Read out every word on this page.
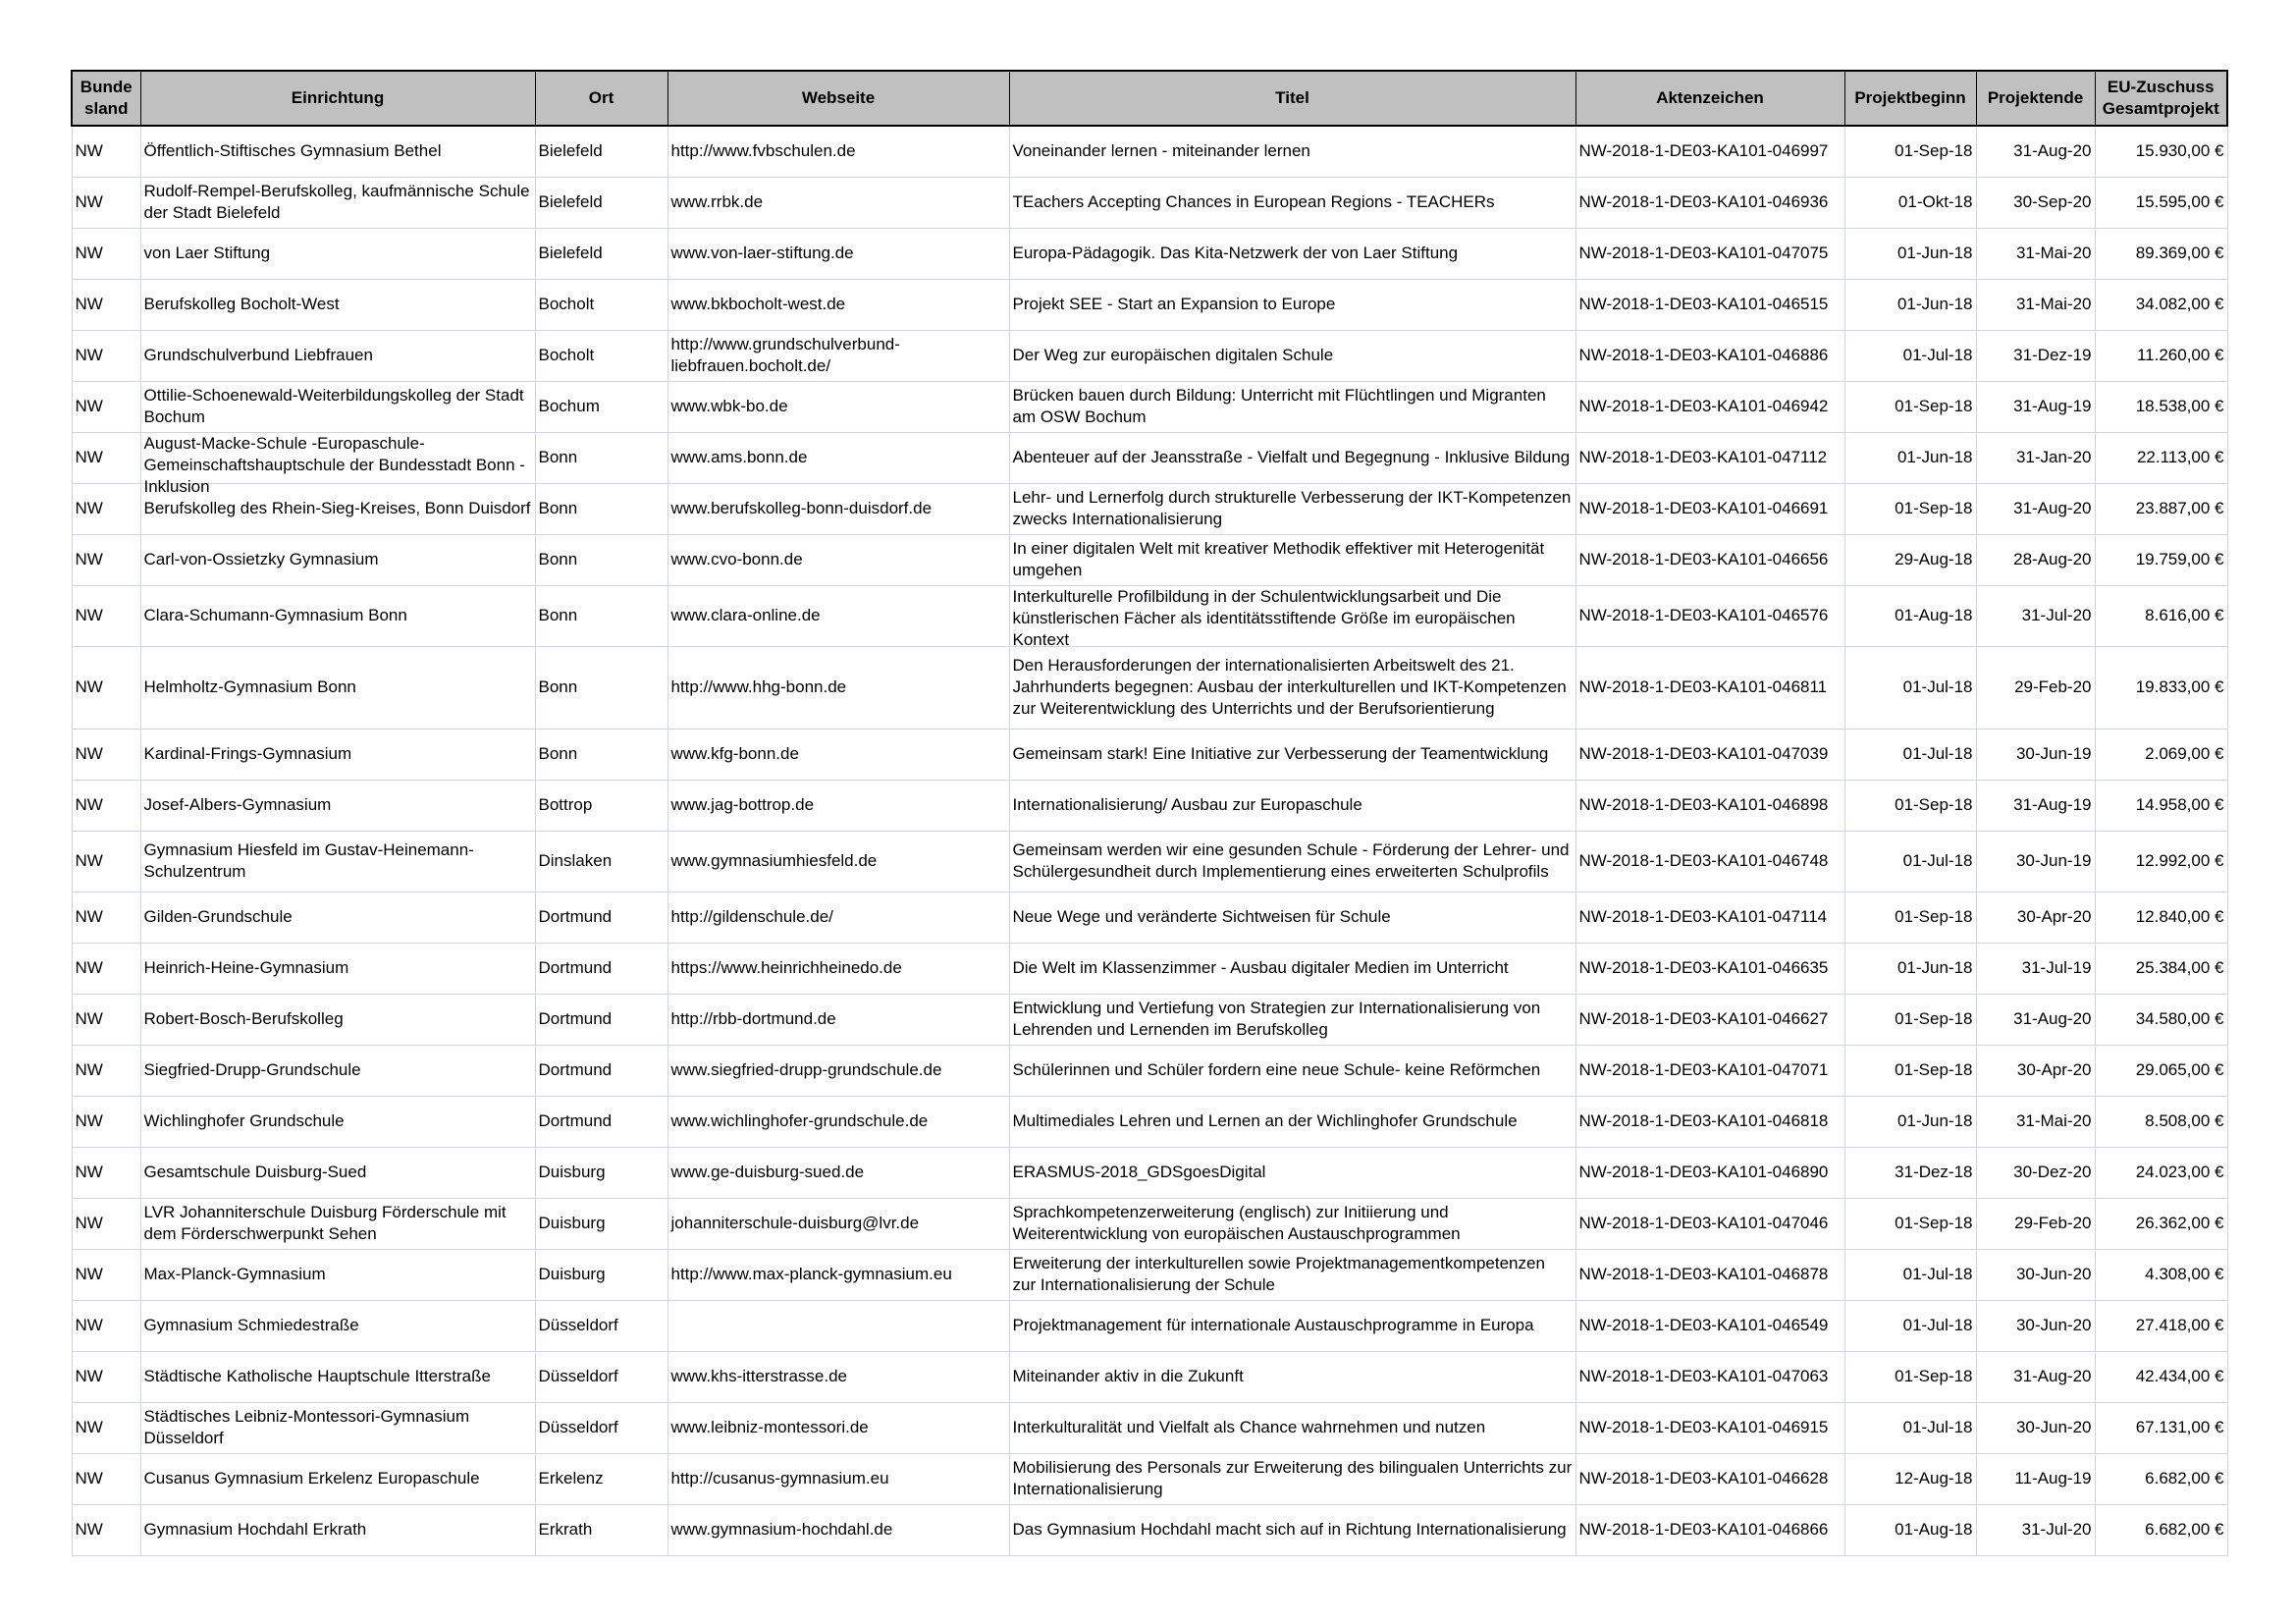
Bunde sland	Einrichtung	Ort	Webseite	Titel	Aktenzeichen	Projektbeginn	Projektende	EU-Zuschuss Gesamtprojekt

NW	Öffentlich-Stiftisches Gymnasium Bethel	Bielefeld	http://www.fvbschulen.de	Voneinander lernen - miteinander lernen	NW-2018-1-DE03-KA101-046997	01-Sep-18	31-Aug-20	15.930,00 €

NW	Rudolf-Rempel-Berufskolleg, kaufmännische Schule der Stadt Bielefeld	Bielefeld	www.rrbk.de	TEachers Accepting Chances in European Regions - TEACHERs	NW-2018-1-DE03-KA101-046936	01-Okt-18	30-Sep-20	15.595,00 €

NW	von Laer Stiftung	Bielefeld	www.von-laer-stiftung.de	Europa-Pädagogik. Das Kita-Netzwerk der von Laer Stiftung	NW-2018-1-DE03-KA101-047075	01-Jun-18	31-Mai-20	89.369,00 €

NW	Berufskolleg Bocholt-West	Bocholt	www.bkbocholt-west.de	Projekt SEE - Start an Expansion to Europe	NW-2018-1-DE03-KA101-046515	01-Jun-18	31-Mai-20	34.082,00 €

NW	Grundschulverbund Liebfrauen	Bocholt	http://www.grundschulverbund-liebfrauen.bocholt.de/	Der Weg zur europäischen digitalen Schule	NW-2018-1-DE03-KA101-046886	01-Jul-18	31-Dez-19	11.260,00 €

NW	Ottilie-Schoenewald-Weiterbildungskolleg der Stadt Bochum	Bochum	www.wbk-bo.de	Brücken bauen durch Bildung: Unterricht mit Flüchtlingen und Migranten am OSW Bochum	NW-2018-1-DE03-KA101-046942	01-Sep-18	31-Aug-19	18.538,00 €

NW	August-Macke-Schule -Europaschule-Gemeinschaftshauptschule der Bundesstadt Bonn - Inklusion	Bonn	www.ams.bonn.de	Abenteuer auf der Jeansstraße - Vielfalt und Begegnung - Inklusive Bildung	NW-2018-1-DE03-KA101-047112	01-Jun-18	31-Jan-20	22.113,00 €

NW	Berufskolleg des Rhein-Sieg-Kreises, Bonn Duisdorf	Bonn	www.berufskolleg-bonn-duisdorf.de	Lehr- und Lernerfolg durch strukturelle Verbesserung der IKT-Kompetenzen zwecks Internationalisierung	NW-2018-1-DE03-KA101-046691	01-Sep-18	31-Aug-20	23.887,00 €

NW	Carl-von-Ossietzky Gymnasium	Bonn	www.cvo-bonn.de	In einer digitalen Welt mit kreativer Methodik effektiver mit Heterogenität umgehen	NW-2018-1-DE03-KA101-046656	29-Aug-18	28-Aug-20	19.759,00 €

NW	Clara-Schumann-Gymnasium Bonn	Bonn	www.clara-online.de	Interkulturelle Profilbildung in der Schulentwicklungsarbeit und Die künstlerischen Fächer als identitätsstiftende Größe im europäischen Kontext	NW-2018-1-DE03-KA101-046576	01-Aug-18	31-Jul-20	8.616,00 €

NW	Helmholtz-Gymnasium Bonn	Bonn	http://www.hhg-bonn.de	Den Herausforderungen der internationalisierten Arbeitswelt des 21. Jahrhunderts begegnen: Ausbau der interkulturellen und IKT-Kompetenzen zur Weiterentwicklung des Unterrichts und der Berufsorientierung	NW-2018-1-DE03-KA101-046811	01-Jul-18	29-Feb-20	19.833,00 €

NW	Kardinal-Frings-Gymnasium	Bonn	www.kfg-bonn.de	Gemeinsam stark! Eine Initiative zur Verbesserung der Teamentwicklung	NW-2018-1-DE03-KA101-047039	01-Jul-18	30-Jun-19	2.069,00 €

NW	Josef-Albers-Gymnasium	Bottrop	www.jag-bottrop.de	Internationalisierung/ Ausbau zur Europaschule	NW-2018-1-DE03-KA101-046898	01-Sep-18	31-Aug-19	14.958,00 €

NW	Gymnasium Hiesfeld im Gustav-Heinemann-Schulzentrum	Dinslaken	www.gymnasiumhiesfeld.de	Gemeinsam werden wir eine gesunden Schule - Förderung der Lehrer- und Schülergesundheit durch Implementierung eines erweiterten Schulprofils	NW-2018-1-DE03-KA101-046748	01-Jul-18	30-Jun-19	12.992,00 €

NW	Gilden-Grundschule	Dortmund	http://gildenschule.de/	Neue Wege und veränderte Sichtweisen für Schule	NW-2018-1-DE03-KA101-047114	01-Sep-18	30-Apr-20	12.840,00 €

NW	Heinrich-Heine-Gymnasium	Dortmund	https://www.heinrichheinedo.de	Die Welt im Klassenzimmer - Ausbau digitaler Medien im Unterricht	NW-2018-1-DE03-KA101-046635	01-Jun-18	31-Jul-19	25.384,00 €

NW	Robert-Bosch-Berufskolleg	Dortmund	http://rbb-dortmund.de	Entwicklung und Vertiefung von Strategien zur Internationalisierung von Lehrenden und Lernenden im Berufskolleg	NW-2018-1-DE03-KA101-046627	01-Sep-18	31-Aug-20	34.580,00 €

NW	Siegfried-Drupp-Grundschule	Dortmund	www.siegfried-drupp-grundschule.de	Schülerinnen und Schüler fordern eine neue Schule- keine Reförmchen	NW-2018-1-DE03-KA101-047071	01-Sep-18	30-Apr-20	29.065,00 €

NW	Wichlinghofer Grundschule	Dortmund	www.wichlinghofer-grundschule.de	Multimediales Lehren und Lernen an der Wichlinghofer Grundschule	NW-2018-1-DE03-KA101-046818	01-Jun-18	31-Mai-20	8.508,00 €

NW	Gesamtschule Duisburg-Sued	Duisburg	www.ge-duisburg-sued.de	ERASMUS-2018_GDSgoesDigital	NW-2018-1-DE03-KA101-046890	31-Dez-18	30-Dez-20	24.023,00 €

NW	LVR Johanniterschule Duisburg Förderschule mit dem Förderschwerpunkt Sehen	Duisburg	johanniterschule-duisburg@lvr.de	Sprachkompetenzerweiterung (englisch) zur Initiierung und Weiterentwicklung von europäischen Austauschprogrammen	NW-2018-1-DE03-KA101-047046	01-Sep-18	29-Feb-20	26.362,00 €

NW	Max-Planck-Gymnasium	Duisburg	http://www.max-planck-gymnasium.eu	Erweiterung der interkulturellen sowie Projektmanagementkompetenzen zur Internationalisierung der Schule	NW-2018-1-DE03-KA101-046878	01-Jul-18	30-Jun-20	4.308,00 €

NW	Gymnasium Schmiedestraße	Düsseldorf		Projektmanagement für internationale Austauschprogramme in Europa	NW-2018-1-DE03-KA101-046549	01-Jul-18	30-Jun-20	27.418,00 €

NW	Städtische Katholische Hauptschule Itterstraße	Düsseldorf	www.khs-itterstrasse.de	Miteinander aktiv in die Zukunft	NW-2018-1-DE03-KA101-047063	01-Sep-18	31-Aug-20	42.434,00 €

NW	Städtisches Leibniz-Montessori-Gymnasium Düsseldorf	Düsseldorf	www.leibniz-montessori.de	Interkulturalität und Vielfalt als Chance wahrnehmen und nutzen	NW-2018-1-DE03-KA101-046915	01-Jul-18	30-Jun-20	67.131,00 €

NW	Cusanus Gymnasium Erkelenz Europaschule	Erkelenz	http://cusanus-gymnasium.eu	Mobilisierung des Personals zur Erweiterung des bilingualen Unterrichts zur Internationalisierung	NW-2018-1-DE03-KA101-046628	12-Aug-18	11-Aug-19	6.682,00 €

NW	Gymnasium Hochdahl Erkrath	Erkrath	www.gymnasium-hochdahl.de	Das Gymnasium Hochdahl macht sich auf in Richtung Internationalisierung	NW-2018-1-DE03-KA101-046866	01-Aug-18	31-Jul-20	6.682,00 €
